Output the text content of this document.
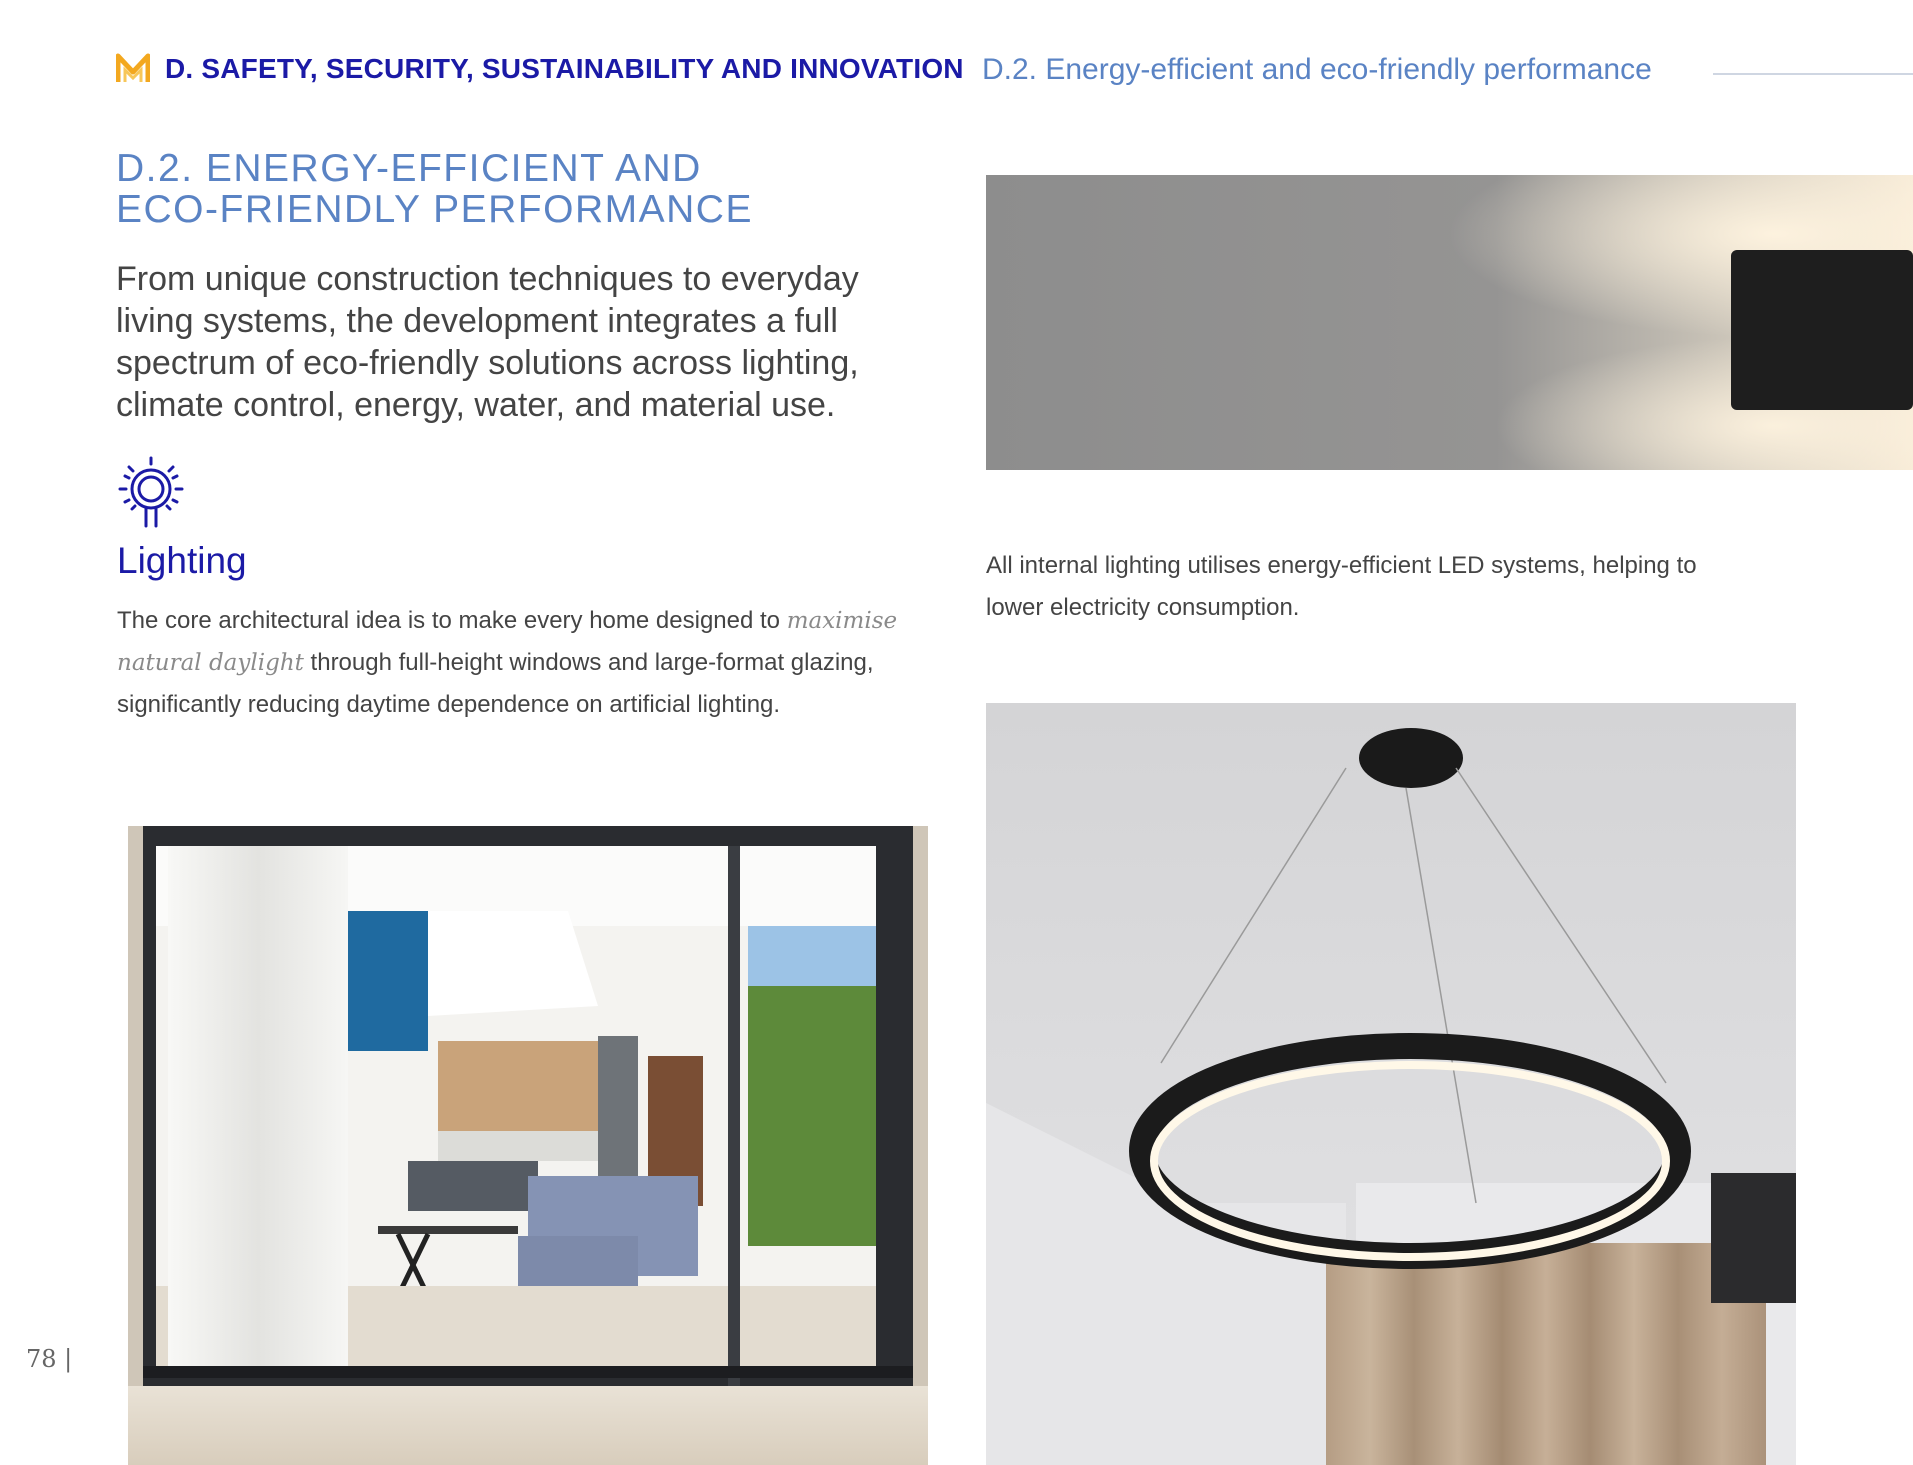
D. SAFETY, SECURITY, SUSTAINABILITY AND INNOVATION D.2. Energy-efficient and eco-friendly performance
D.2. ENERGY-EFFICIENT AND ECO-FRIENDLY PERFORMANCE
From unique construction techniques to everyday living systems, the development integrates a full spectrum of eco-friendly solutions across lighting, climate control, energy, water, and material use.
Lighting
The core architectural idea is to make every home designed to maximise natural daylight through full-height windows and large-format glazing, significantly reducing daytime dependence on artificial lighting.
All internal lighting utilises energy-efficient LED systems, helping to lower electricity consumption.
78 |
